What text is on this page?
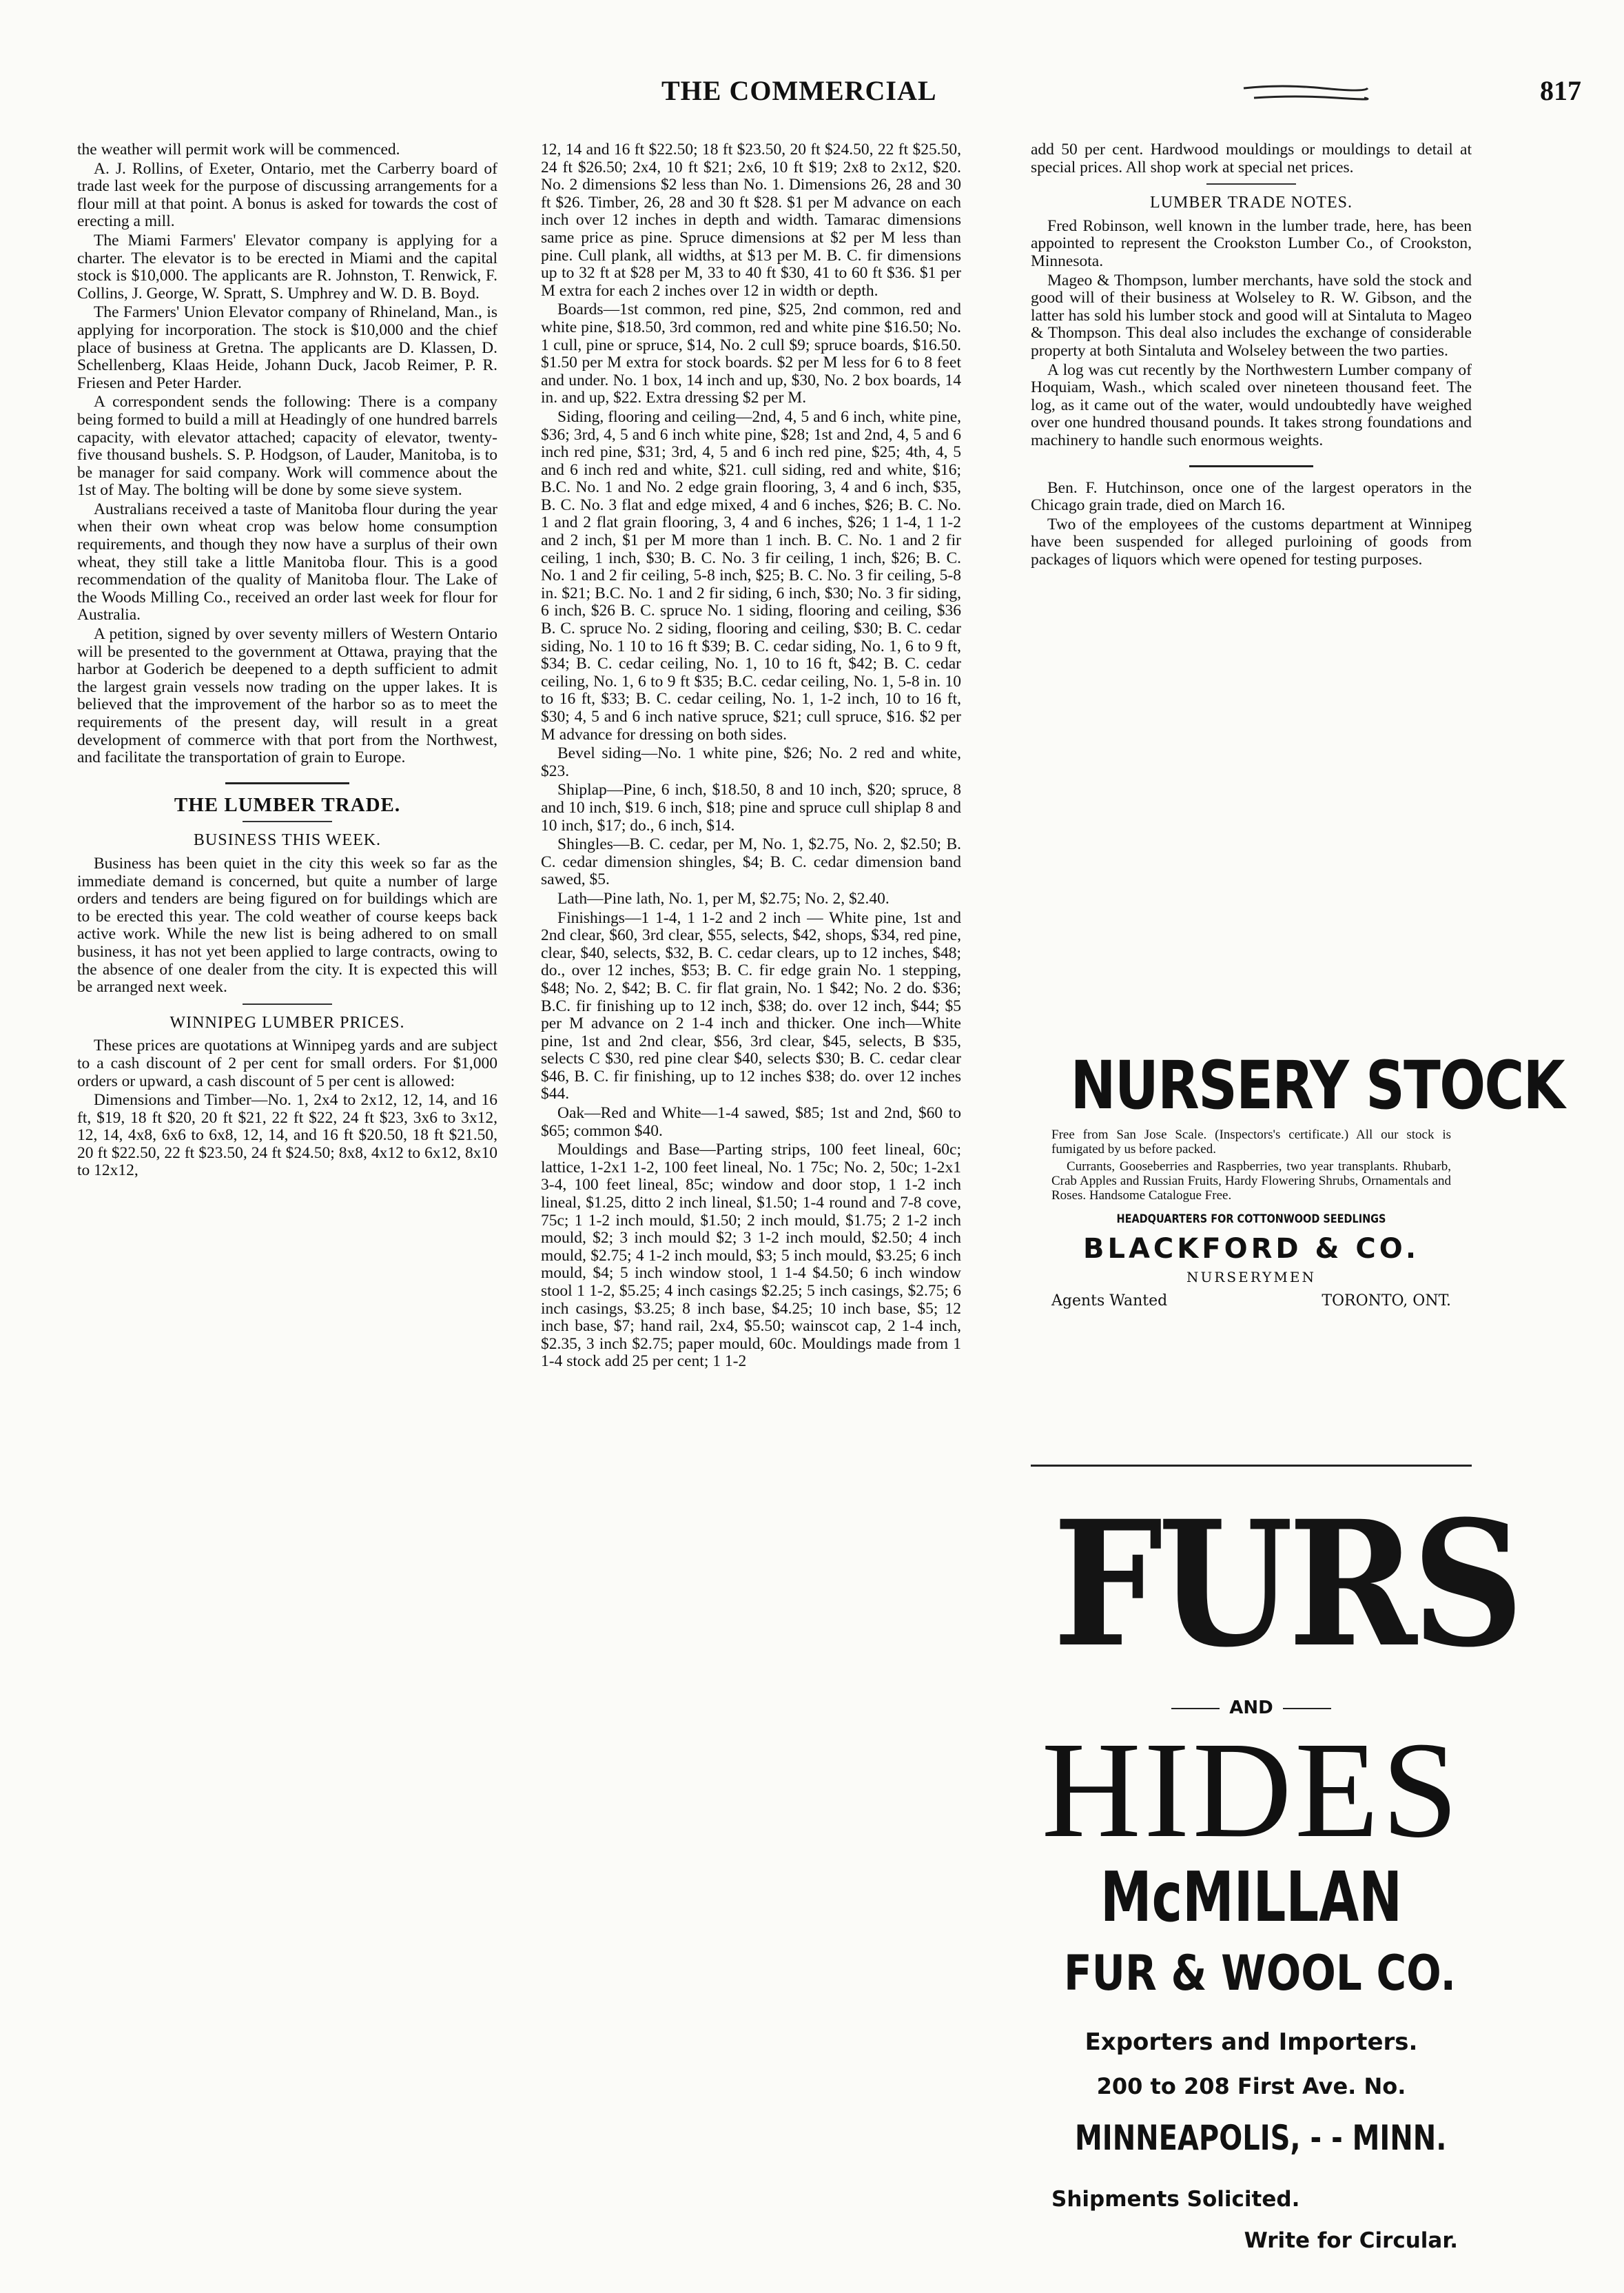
THE COMMERCIAL	817

the weather will permit work will be commenced.

A. J. Rollins, of Exeter, Ontario, met the Carberry board of trade last week for the purpose of discussing arrangements for a flour mill at that point. A bonus is asked for towards the cost of erecting a mill.

The Miami Farmers' Elevator company is applying for a charter. The elevator is to be erected in Miami and the capital stock is $10,000. The applicants are R. Johnston, T. Renwick, F. Collins, J. George, W. Spratt, S. Umphrey and W. D. B. Boyd.

The Farmers' Union Elevator company of Rhineland, Man., is applying for incorporation. The stock is $10,000 and the chief place of business at Gretna. The applicants are D. Klassen, D. Schellenberg, Klaas Heide, Johann Duck, Jacob Reimer, P. R. Friesen and Peter Harder.

A correspondent sends the following: There is a company being formed to build a mill at Headingly of one hundred barrels capacity, with elevator attached; capacity of elevator, twenty-five thousand bushels. S. P. Hodgson, of Lauder, Manitoba, is to be manager for said company. Work will commence about the 1st of May. The bolting will be done by some sieve system.

Australians received a taste of Manitoba flour during the year when their own wheat crop was below home consumption requirements, and though they now have a surplus of their own wheat, they still take a little Manitoba flour. This is a good recommendation of the quality of Manitoba flour. The Lake of the Woods Milling Co., received an order last week for flour for Australia.

A petition, signed by over seventy millers of Western Ontario will be presented to the government at Ottawa, praying that the harbor at Goderich be deepened to a depth sufficient to admit the largest grain vessels now trading on the upper lakes. It is believed that the improvement of the harbor so as to meet the requirements of the present day, will result in a great development of commerce with that port from the Northwest, and facilitate the transportation of grain to Europe.

THE LUMBER TRADE.
BUSINESS THIS WEEK.

Business has been quiet in the city this week so far as the immediate demand is concerned, but quite a number of large orders and tenders are being figured on for buildings which are to be erected this year. The cold weather of course keeps back active work. While the new list is being adhered to on small business, it has not yet been applied to large contracts, owing to the absence of one dealer from the city. It is expected this will be arranged next week.

WINNIPEG LUMBER PRICES.

These prices are quotations at Winnipeg yards and are subject to a cash discount of 2 per cent for small orders. For $1,000 orders or upward, a cash discount of 5 per cent is allowed:

Dimensions and Timber—No. 1, 2x4 to 2x12, 12, 14, and 16 ft, $19, 18 ft $20, 20 ft $21, 22 ft $22, 24 ft $23, 3x6 to 3x12, 12, 14, 4x8, 6x6 to 6x8, 12, 14, and 16 ft $20.50, 18 ft $21.50, 20 ft $22.50, 22 ft $23.50, 24 ft $24.50; 8x8, 4x12 to 6x12, 8x10 to 12x12,

12, 14 and 16 ft $22.50; 18 ft $23.50, 20 ft $24.50, 22 ft $25.50, 24 ft $26.50; 2x4, 10 ft $21; 2x6, 10 ft $19; 2x8 to 2x12, $20. No. 2 dimensions $2 less than No. 1. Dimensions 26, 28 and 30 ft $26. Timber, 26, 28 and 30 ft $28. $1 per M advance on each inch over 12 inches in depth and width. Tamarac dimensions same price as pine. Spruce dimensions at $2 per M less than pine. Cull plank, all widths, at $13 per M. B. C. fir dimensions up to 32 ft at $28 per M, 33 to 40 ft $30, 41 to 60 ft $36. $1 per M extra for each 2 inches over 12 in width or depth.

Boards—1st common, red pine, $25, 2nd common, red and white pine, $18.50, 3rd common, red and white pine $16.50; No. 1 cull, pine or spruce, $14, No. 2 cull $9; spruce boards, $16.50. $1.50 per M extra for stock boards. $2 per M less for 6 to 8 feet and under. No. 1 box, 14 inch and up, $30, No. 2 box boards, 14 in. and up, $22. Extra dressing $2 per M.

Siding, flooring and ceiling—2nd, 4, 5 and 6 inch, white pine, $36; 3rd, 4, 5 and 6 inch white pine, $28; 1st and 2nd, 4, 5 and 6 inch red pine, $31; 3rd, 4, 5 and 6 inch red pine, $25; 4th, 4, 5 and 6 inch red and white, $21. cull siding, red and white, $16; B.C. No. 1 and No. 2 edge grain flooring, 3, 4 and 6 inch, $35, B. C. No. 3 flat and edge mixed, 4 and 6 inches, $26; B. C. No. 1 and 2 flat grain flooring, 3, 4 and 6 inches, $26; 1 1-4, 1 1-2 and 2 inch, $1 per M more than 1 inch. B. C. No. 1 and 2 fir ceiling, 1 inch, $30; B. C. No. 3 fir ceiling, 1 inch, $26; B. C. No. 1 and 2 fir ceiling, 5-8 inch, $25; B. C. No. 3 fir ceiling, 5-8 in. $21; B.C. No. 1 and 2 fir siding, 6 inch, $30; No. 3 fir siding, 6 inch, $26 B. C. spruce No. 1 siding, flooring and ceiling, $36 B. C. spruce No. 2 siding, flooring and ceiling, $30; B. C. cedar siding, No. 1 10 to 16 ft $39; B. C. cedar siding, No. 1, 6 to 9 ft, $34; B. C. cedar ceiling, No. 1, 10 to 16 ft, $42; B. C. cedar ceiling, No. 1, 6 to 9 ft $35; B.C. cedar ceiling, No. 1, 5-8 in. 10 to 16 ft, $33; B. C. cedar ceiling, No. 1, 1-2 inch, 10 to 16 ft, $30; 4, 5 and 6 inch native spruce, $21; cull spruce, $16. $2 per M advance for dressing on both sides.

Bevel siding—No. 1 white pine, $26; No. 2 red and white, $23.

Shiplap—Pine, 6 inch, $18.50, 8 and 10 inch, $20; spruce, 8 and 10 inch, $19. 6 inch, $18; pine and spruce cull shiplap 8 and 10 inch, $17; do., 6 inch, $14.

Shingles—B. C. cedar, per M, No. 1, $2.75, No. 2, $2.50; B. C. cedar dimension shingles, $4; B. C. cedar dimension band sawed, $5.

Lath—Pine lath, No. 1, per M, $2.75; No. 2, $2.40.

Finishings—1 1-4, 1 1-2 and 2 inch — White pine, 1st and 2nd clear, $60, 3rd clear, $55, selects, $42, shops, $34, red pine, clear, $40, selects, $32, B. C. cedar clears, up to 12 inches, $48; do., over 12 inches, $53; B. C. fir edge grain No. 1 stepping, $48; No. 2, $42; B. C. fir flat grain, No. 1 $42; No. 2 do. $36; B.C. fir finishing up to 12 inch, $38; do. over 12 inch, $44; $5 per M advance on 2 1-4 inch and thicker. One inch—White pine, 1st and 2nd clear, $56, 3rd clear, $45, selects, B $35, selects C $30, red pine clear $40, selects $30; B. C. cedar clear $46, B. C. fir finishing, up to 12 inches $38; do. over 12 inches $44.

Oak—Red and White—1-4 sawed, $85; 1st and 2nd, $60 to $65; common $40.

Mouldings and Base—Parting strips, 100 feet lineal, 60c; lattice, 1-2x1 1-2, 100 feet lineal, No. 1 75c; No. 2, 50c; 1-2x1 3-4, 100 feet lineal, 85c; window and door stop, 1 1-2 inch lineal, $1.25, ditto 2 inch lineal, $1.50; 1-4 round and 7-8 cove, 75c; 1 1-2 inch mould, $1.50; 2 inch mould, $1.75; 2 1-2 inch mould, $2; 3 inch mould $2; 3 1-2 inch mould, $2.50; 4 inch mould, $2.75; 4 1-2 inch mould, $3; 5 inch mould, $3.25; 6 inch mould, $4; 5 inch window stool, 1 1-4 $4.50; 6 inch window stool 1 1-2, $5.25; 4 inch casings $2.25; 5 inch casings, $2.75; 6 inch casings, $3.25; 8 inch base, $4.25; 10 inch base, $5; 12 inch base, $7; hand rail, 2x4, $5.50; wainscot cap, 2 1-4 inch, $2.35, 3 inch $2.75; paper mould, 60c. Mouldings made from 1 1-4 stock add 25 per cent; 1 1-2

add 50 per cent. Hardwood mouldings or mouldings to detail at special prices. All shop work at special net prices.

LUMBER TRADE NOTES.

Fred Robinson, well known in the lumber trade, here, has been appointed to represent the Crookston Lumber Co., of Crookston, Minnesota.

Mageo & Thompson, lumber merchants, have sold the stock and good will of their business at Wolseley to R. W. Gibson, and the latter has sold his lumber stock and good will at Sintaluta to Mageo & Thompson. This deal also includes the exchange of considerable property at both Sintaluta and Wolseley between the two parties.

A log was cut recently by the Northwestern Lumber company of Hoquiam, Wash., which scaled over nineteen thousand feet. The log, as it came out of the water, would undoubtedly have weighed over one hundred thousand pounds. It takes strong foundations and machinery to handle such enormous weights.

Ben. F. Hutchinson, once one of the largest operators in the Chicago grain trade, died on March 16.

Two of the employees of the customs department at Winnipeg have been suspended for alleged purloining of goods from packages of liquors which were opened for testing purposes.

NURSERY STOCK
Free from San Jose Scale. (Inspectors's certificate.) All our stock is fumigated by us before packed.
Currants, Gooseberries and Raspberries, two year transplants. Rhubarb, Crab Apples and Russian Fruits, Hardy Flowering Shrubs, Ornamentals and Roses. Handsome Catalogue Free.
HEADQUARTERS FOR COTTONWOOD SEEDLINGS
BLACKFORD & CO.
NURSERYMEN
Agents Wanted	TORONTO, ONT.
FURS
AND
HIDES
McMILLAN
FUR & WOOL CO.
Exporters and Importers.
200 to 208 First Ave. No.
MINNEAPOLIS, - - MINN.
Shipments Solicited.
Write for Circular.
